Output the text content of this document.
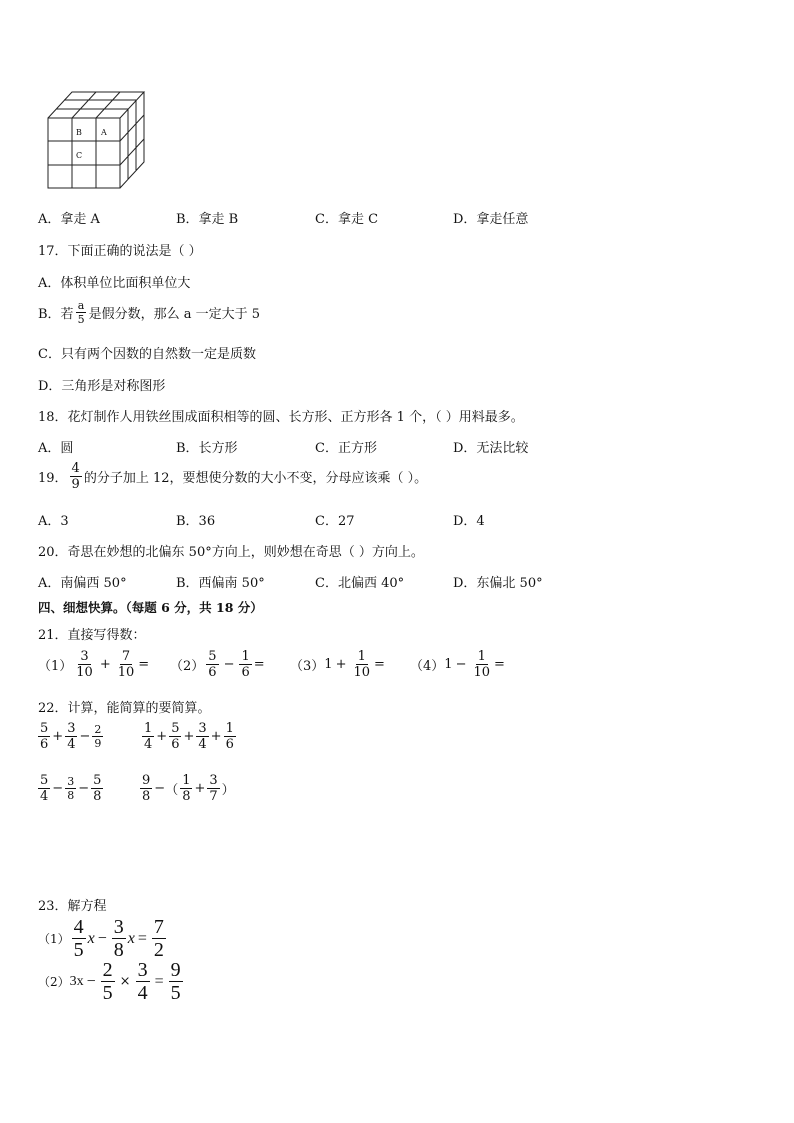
B A
C
A．拿走 A	B．拿走 B	C．拿走 C	D．拿走任意
17．下面正确的说法是（ ）
A．体积单位比面积单位大
B．若 $\frac{a}{5}$ 是假分数，那么 a 一定大于 5
C．只有两个因数的自然数一定是质数
D．三角形是对称图形
18．花灯制作人用铁丝围成面积相等的圆、长方形、正方形各 1 个，（ ）用料最多。
A．圆	B．长方形	C．正方形	D．无法比较
19． $\frac{4}{9}$ 的分子加上 12，要想使分数的大小不变，分母应该乘（ ）。
A．3	B．36	C．27	D．4
20．奇思在妙想的北偏东 50°方向上，则妙想在奇思（ ）方向上。
A．南偏西 50°	B．西偏南 50°	C．北偏西 40°	D．东偏北 50°
四、细想快算。（每题 6 分，共 18 分）
21．直接写得数：
$(1) \frac{3}{10} + \frac{7}{10} = (2) \frac{5}{6} - \frac{1}{6} = (3) 1 + \frac{1}{10} = (4) 1 - \frac{1}{10}$ =
22．计算，能简算的要简算。
$\frac{5}{6} + \frac{3}{4} - \frac{2}{9}$	$\frac{1}{4} + \frac{5}{6} + \frac{3}{4} + \frac{1}{6}$
$\frac{5}{4} - \frac{3}{8} - \frac{5}{8}$	$\frac{9}{8}$ − （ $\frac{1}{8} + \frac{3}{7}$ ）
23．解方程
$(1) \frac{4}{5}$ $x - \frac{3}{8}$ $x = \frac{7}{2}$
（2） $3x - \frac{2}{5} \times \frac{3}{4} = \frac{9}{5}$
